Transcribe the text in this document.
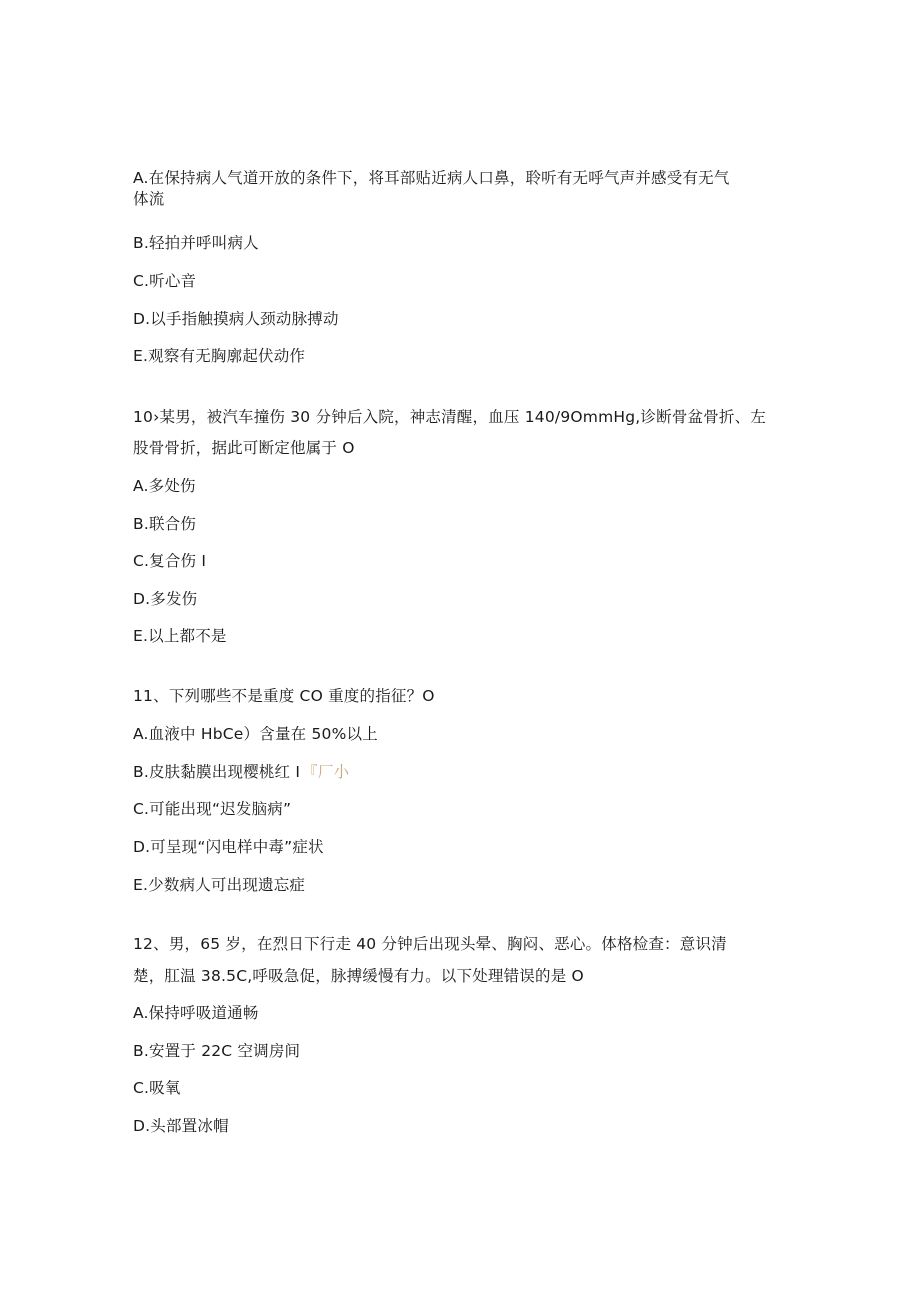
A.在保持病人气道开放的条件下，将耳部贴近病人口鼻，聆听有无呼气声并感受有无气
体流
B.轻拍并呼叫病人
C.听心音
D.以手指触摸病人颈动脉搏动
E.观察有无胸廓起伏动作
10›某男，被汽车撞伤 30 分钟后入院，神志清醒，血压 140/9OmmHg,诊断骨盆骨折、左
股骨骨折，据此可断定他属于 O
A.多处伤
B.联合伤
C.复合伤 I
D.多发伤
E.以上都不是
11、下列哪些不是重度 CO 重度的指征？O
A.血液中 HbCe）含量在 50%以上
B.皮肤黏膜出现樱桃红 I 『厂小
C.可能出现“迟发脑病”
D.可呈现“闪电样中毒”症状
E.少数病人可出现遗忘症
12、男，65 岁，在烈日下行走 40 分钟后出现头晕、胸闷、恶心。体格检查：意识清
楚，肛温 38.5C,呼吸急促，脉搏缓慢有力。以下处理错误的是 O
A.保持呼吸道通畅
B.安置于 22C 空调房间
C.吸氧
D.头部置冰帽
